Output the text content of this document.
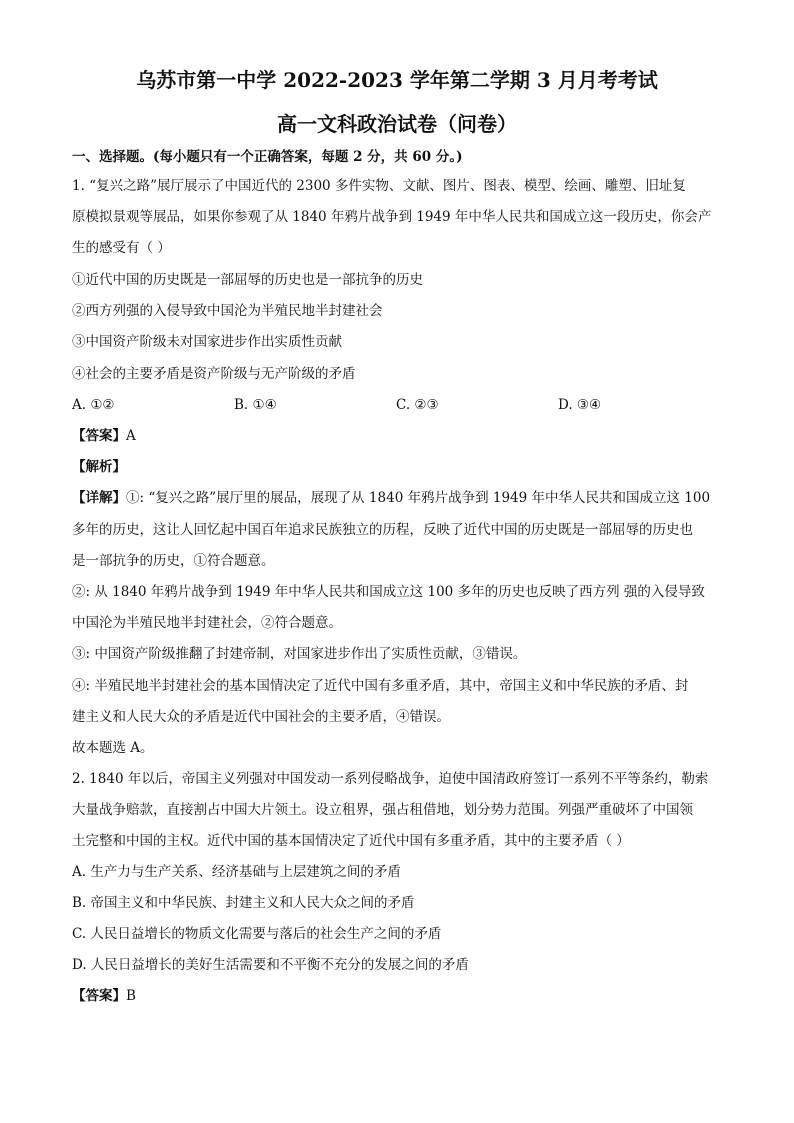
乌苏市第一中学 2022-2023 学年第二学期 3 月月考考试
高一文科政治试卷（问卷）
一、选择题。(每小题只有一个正确答案，每题 2 分，共 60 分。)
1. “复兴之路”展厅展示了中国近代的 2300 多件实物、文献、图片、图表、模型、绘画、雕塑、旧址复
原模拟景观等展品，如果你参观了从 1840 年鸦片战争到 1949 年中华人民共和国成立这一段历史，你会产
生的感受有（ ）
①近代中国的历史既是一部屈辱的历史也是一部抗争的历史
②西方列强的入侵导致中国沦为半殖民地半封建社会
③中国资产阶级未对国家进步作出实质性贡献
④社会的主要矛盾是资产阶级与无产阶级的矛盾
A. ①②	B. ①④	C. ②③	D. ③④
【答案】A
【解析】
【详解】①: “复兴之路”展厅里的展品，展现了从 1840 年鸦片战争到 1949 年中华人民共和国成立这 100
多年的历史，这让人回忆起中国百年追求民族独立的历程，反映了近代中国的历史既是一部屈辱的历史也
是一部抗争的历史，①符合题意。
②: 从 1840 年鸦片战争到 1949 年中华人民共和国成立这 100 多年的历史也反映了西方列 强的入侵导致
中国沦为半殖民地半封建社会，②符合题意。
③: 中国资产阶级推翻了封建帝制，对国家进步作出了实质性贡献，③错误。
④: 半殖民地半封建社会的基本国情决定了近代中国有多重矛盾，其中，帝国主义和中华民族的矛盾、封
建主义和人民大众的矛盾是近代中国社会的主要矛盾，④错误。
故本题选 A。
2. 1840 年以后，帝国主义列强对中国发动一系列侵略战争，迫使中国清政府签订一系列不平等条约，勒索
大量战争赔款，直接割占中国大片领土。设立租界，强占租借地，划分势力范围。列强严重破坏了中国领
土完整和中国的主权。近代中国的基本国情决定了近代中国有多重矛盾，其中的主要矛盾（ ）
A. 生产力与生产关系、经济基础与上层建筑之间的矛盾
B. 帝国主义和中华民族、封建主义和人民大众之间的矛盾
C. 人民日益增长的物质文化需要与落后的社会生产之间的矛盾
D. 人民日益增长的美好生活需要和不平衡不充分的发展之间的矛盾
【答案】B
